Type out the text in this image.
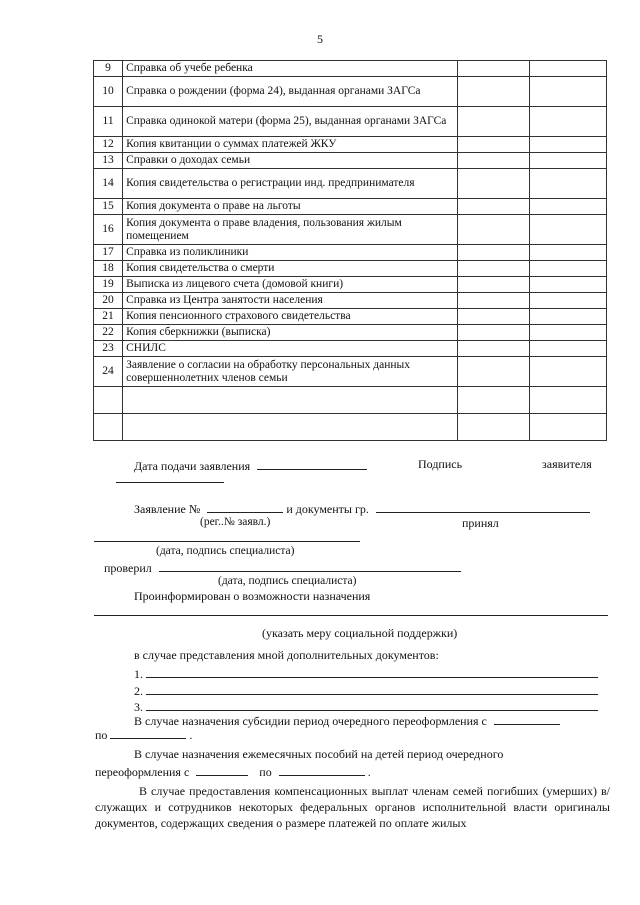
5
9	Справка об учебе ребенка		
10	Справка о рождении (форма 24), выданная органами ЗАГСа		
11	Справка одинокой матери (форма 25), выданная органами ЗАГСа		
12	Копия квитанции о суммах платежей ЖКУ		
13	Справки о доходах семьи		
14	Копия свидетельства о регистрации инд. предпринимателя		
15	Копия документа о праве на льготы		
16	Копия документа о праве владения, пользования жилым помещением		
17	Справка из поликлиники		
18	Копия свидетельства о смерти		
19	Выписка из лицевого счета (домовой книги)		
20	Справка из Центра занятости населения		
21	Копия пенсионного страхового свидетельства		
22	Копия сберкнижки (выписка)		
23	СНИЛС		
24	Заявление о согласии на обработку персональных данных совершеннолетних членов семьи		

Дата подачи заявления	Подпись	заявителя
Заявление №	и документы гр.
(рег..№ заявл.)	принял
(дата, подпись специалиста)
проверил
(дата, подпись специалиста)
Проинформирован о возможности назначения
(указать меру социальной поддержки)
в случае представления мной дополнительных документов:
1.
2.
3.
В случае назначения субсидии период очередного переоформления с
по	.
В случае назначения ежемесячных пособий на детей период очередного
переоформления с	по	.
В случае предоставления компенсационных выплат членам семей погибших (умерших) в/служащих и сотрудников некоторых федеральных органов исполнительной власти оригиналы документов, содержащих сведения о размере платежей по оплате жилых
